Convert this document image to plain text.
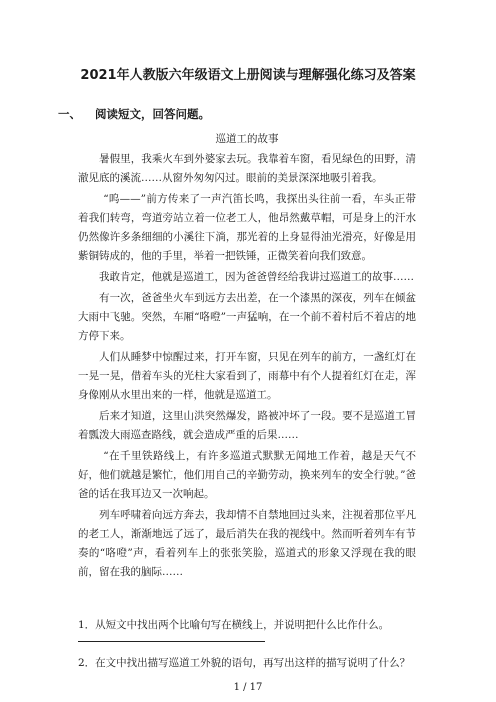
2021年人教版六年级语文上册阅读与理解强化练习及答案
一、 阅读短文，回答问题。
巡道工的故事

暑假里，我乘火车到外婆家去玩。我靠着车窗，看见绿色的田野，清澈见底的溪流……从窗外匆匆闪过。眼前的美景深深地吸引着我。

“呜——”前方传来了一声汽笛长鸣，我探出头往前一看，车头正带着我们转弯，弯道旁站立着一位老工人，他昂然戴草帽，可是身上的汗水仍然像许多条细细的小溪往下淌，那光着的上身显得油光滑亮，好像是用紫铜铸成的，他的手里，举着一把铁锤，正微笑着向我们致意。

我敢肯定，他就是巡道工，因为爸爸曾经给我讲过巡道工的故事……

有一次，爸爸坐火车到远方去出差，在一个漆黑的深夜，列车在倾盆大雨中飞驰。突然，车厢“咯噔”一声猛响，在一个前不着村后不着店的地方停下来。

人们从睡梦中惊醒过来，打开车窗，只见在列车的前方，一盏红灯在一晃一晃，借着车头的光柱大家看到了，雨幕中有个人提着红灯在走，浑身像刚从水里出来的一样，他就是巡道工。

后来才知道，这里山洪突然爆发，路被冲坏了一段。要不是巡道工冒着瓢泼大雨巡查路线，就会造成严重的后果……

“在千里铁路线上，有许多巡道式默默无闻地工作着，越是天气不好，他们就越是繁忙，他们用自己的辛勤劳动，换来列车的安全行驶。”爸爸的话在我耳边又一次响起。

列车呼啸着向远方奔去，我却情不自禁地回过头来，注视着那位平凡的老工人，渐渐地远了远了，最后消失在我的视线中。然而听着列车有节奏的“咯噔”声，看着列车上的张张笑脸，巡道式的形象又浮现在我的眼前，留在我的脑际……

1．从短文中找出两个比喻句写在横线上，并说明把什么比作什么。
2．在文中找出描写巡道工外貌的语句，再写出这样的描写说明了什么？
1 / 17
